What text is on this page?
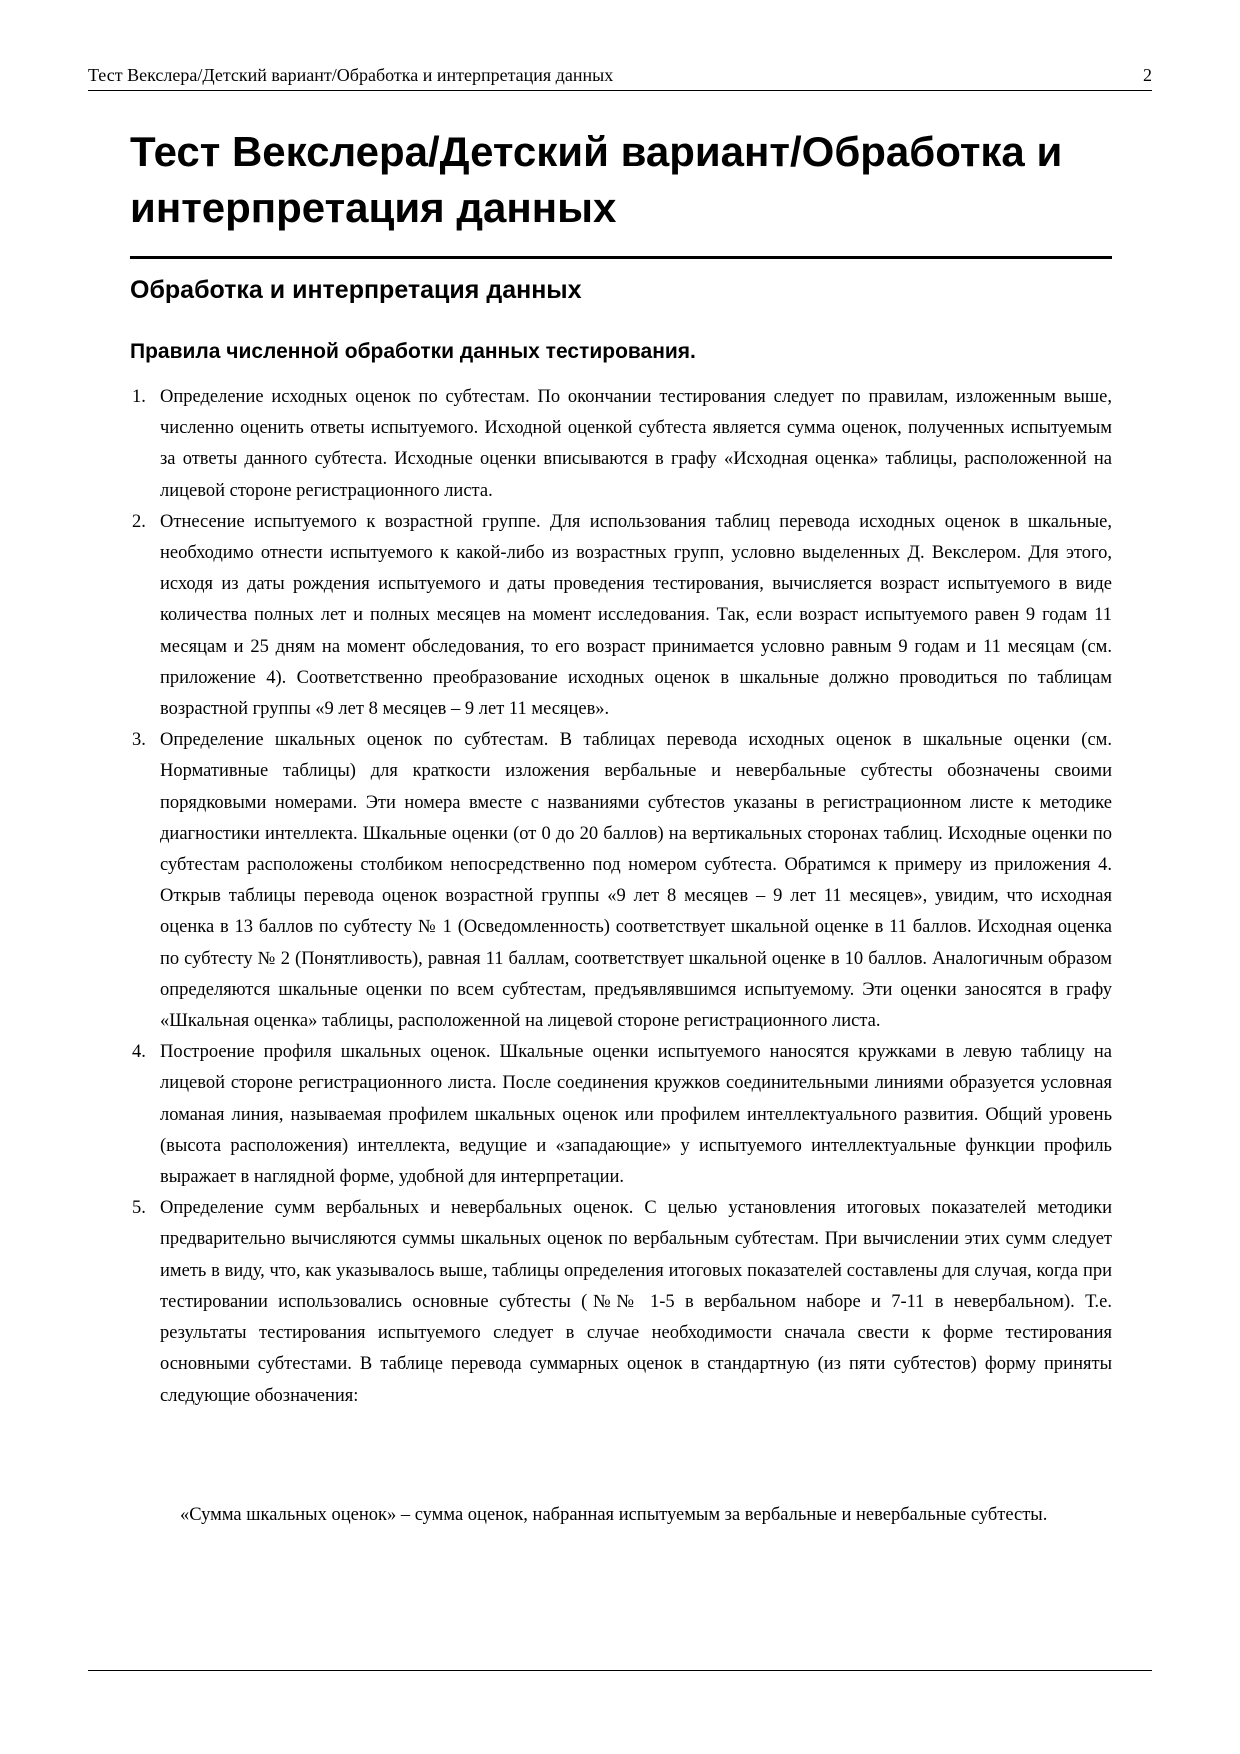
Тест Векслера/Детский вариант/Обработка и интерпретация данных	2
Тест Векслера/Детский вариант/Обработка и интерпретация данных
Обработка и интерпретация данных
Правила численной обработки данных тестирования.
1. Определение исходных оценок по субтестам. По окончании тестирования следует по правилам, изложенным выше, численно оценить ответы испытуемого. Исходной оценкой субтеста является сумма оценок, полученных испытуемым за ответы данного субтеста. Исходные оценки вписываются в графу «Исходная оценка» таблицы, расположенной на лицевой стороне регистрационного листа.
2. Отнесение испытуемого к возрастной группе. Для использования таблиц перевода исходных оценок в шкальные, необходимо отнести испытуемого к какой-либо из возрастных групп, условно выделенных Д. Векслером. Для этого, исходя из даты рождения испытуемого и даты проведения тестирования, вычисляется возраст испытуемого в виде количества полных лет и полных месяцев на момент исследования. Так, если возраст испытуемого равен 9 годам 11 месяцам и 25 дням на момент обследования, то его возраст принимается условно равным 9 годам и 11 месяцам (см. приложение 4). Соответственно преобразование исходных оценок в шкальные должно проводиться по таблицам возрастной группы «9 лет 8 месяцев – 9 лет 11 месяцев».
3. Определение шкальных оценок по субтестам. В таблицах перевода исходных оценок в шкальные оценки (см. Нормативные таблицы) для краткости изложения вербальные и невербальные субтесты обозначены своими порядковыми номерами. Эти номера вместе с названиями субтестов указаны в регистрационном листе к методике диагностики интеллекта. Шкальные оценки (от 0 до 20 баллов) на вертикальных сторонах таблиц. Исходные оценки по субтестам расположены столбиком непосредственно под номером субтеста. Обратимся к примеру из приложения 4. Открыв таблицы перевода оценок возрастной группы «9 лет 8 месяцев – 9 лет 11 месяцев», увидим, что исходная оценка в 13 баллов по субтесту № 1 (Осведомленность) соответствует шкальной оценке в 11 баллов. Исходная оценка по субтесту № 2 (Понятливость), равная 11 баллам, соответствует шкальной оценке в 10 баллов. Аналогичным образом определяются шкальные оценки по всем субтестам, предъявлявшимся испытуемому. Эти оценки заносятся в графу «Шкальная оценка» таблицы, расположенной на лицевой стороне регистрационного листа.
4. Построение профиля шкальных оценок. Шкальные оценки испытуемого наносятся кружками в левую таблицу на лицевой стороне регистрационного листа. После соединения кружков соединительными линиями образуется условная ломаная линия, называемая профилем шкальных оценок или профилем интеллектуального развития. Общий уровень (высота расположения) интеллекта, ведущие и «западающие» у испытуемого интеллектуальные функции профиль выражает в наглядной форме, удобной для интерпретации.
5. Определение сумм вербальных и невербальных оценок. С целью установления итоговых показателей методики предварительно вычисляются суммы шкальных оценок по вербальным субтестам. При вычислении этих сумм следует иметь в виду, что, как указывалось выше, таблицы определения итоговых показателей составлены для случая, когда при тестировании использовались основные субтесты (№№ 1-5 в вербальном наборе и 7-11 в невербальном). Т.е. результаты тестирования испытуемого следует в случае необходимости сначала свести к форме тестирования основными субтестами. В таблице перевода суммарных оценок в стандартную (из пяти субтестов) форму приняты следующие обозначения:

«Сумма шкальных оценок» – сумма оценок, набранная испытуемым за вербальные и невербальные субтесты.
